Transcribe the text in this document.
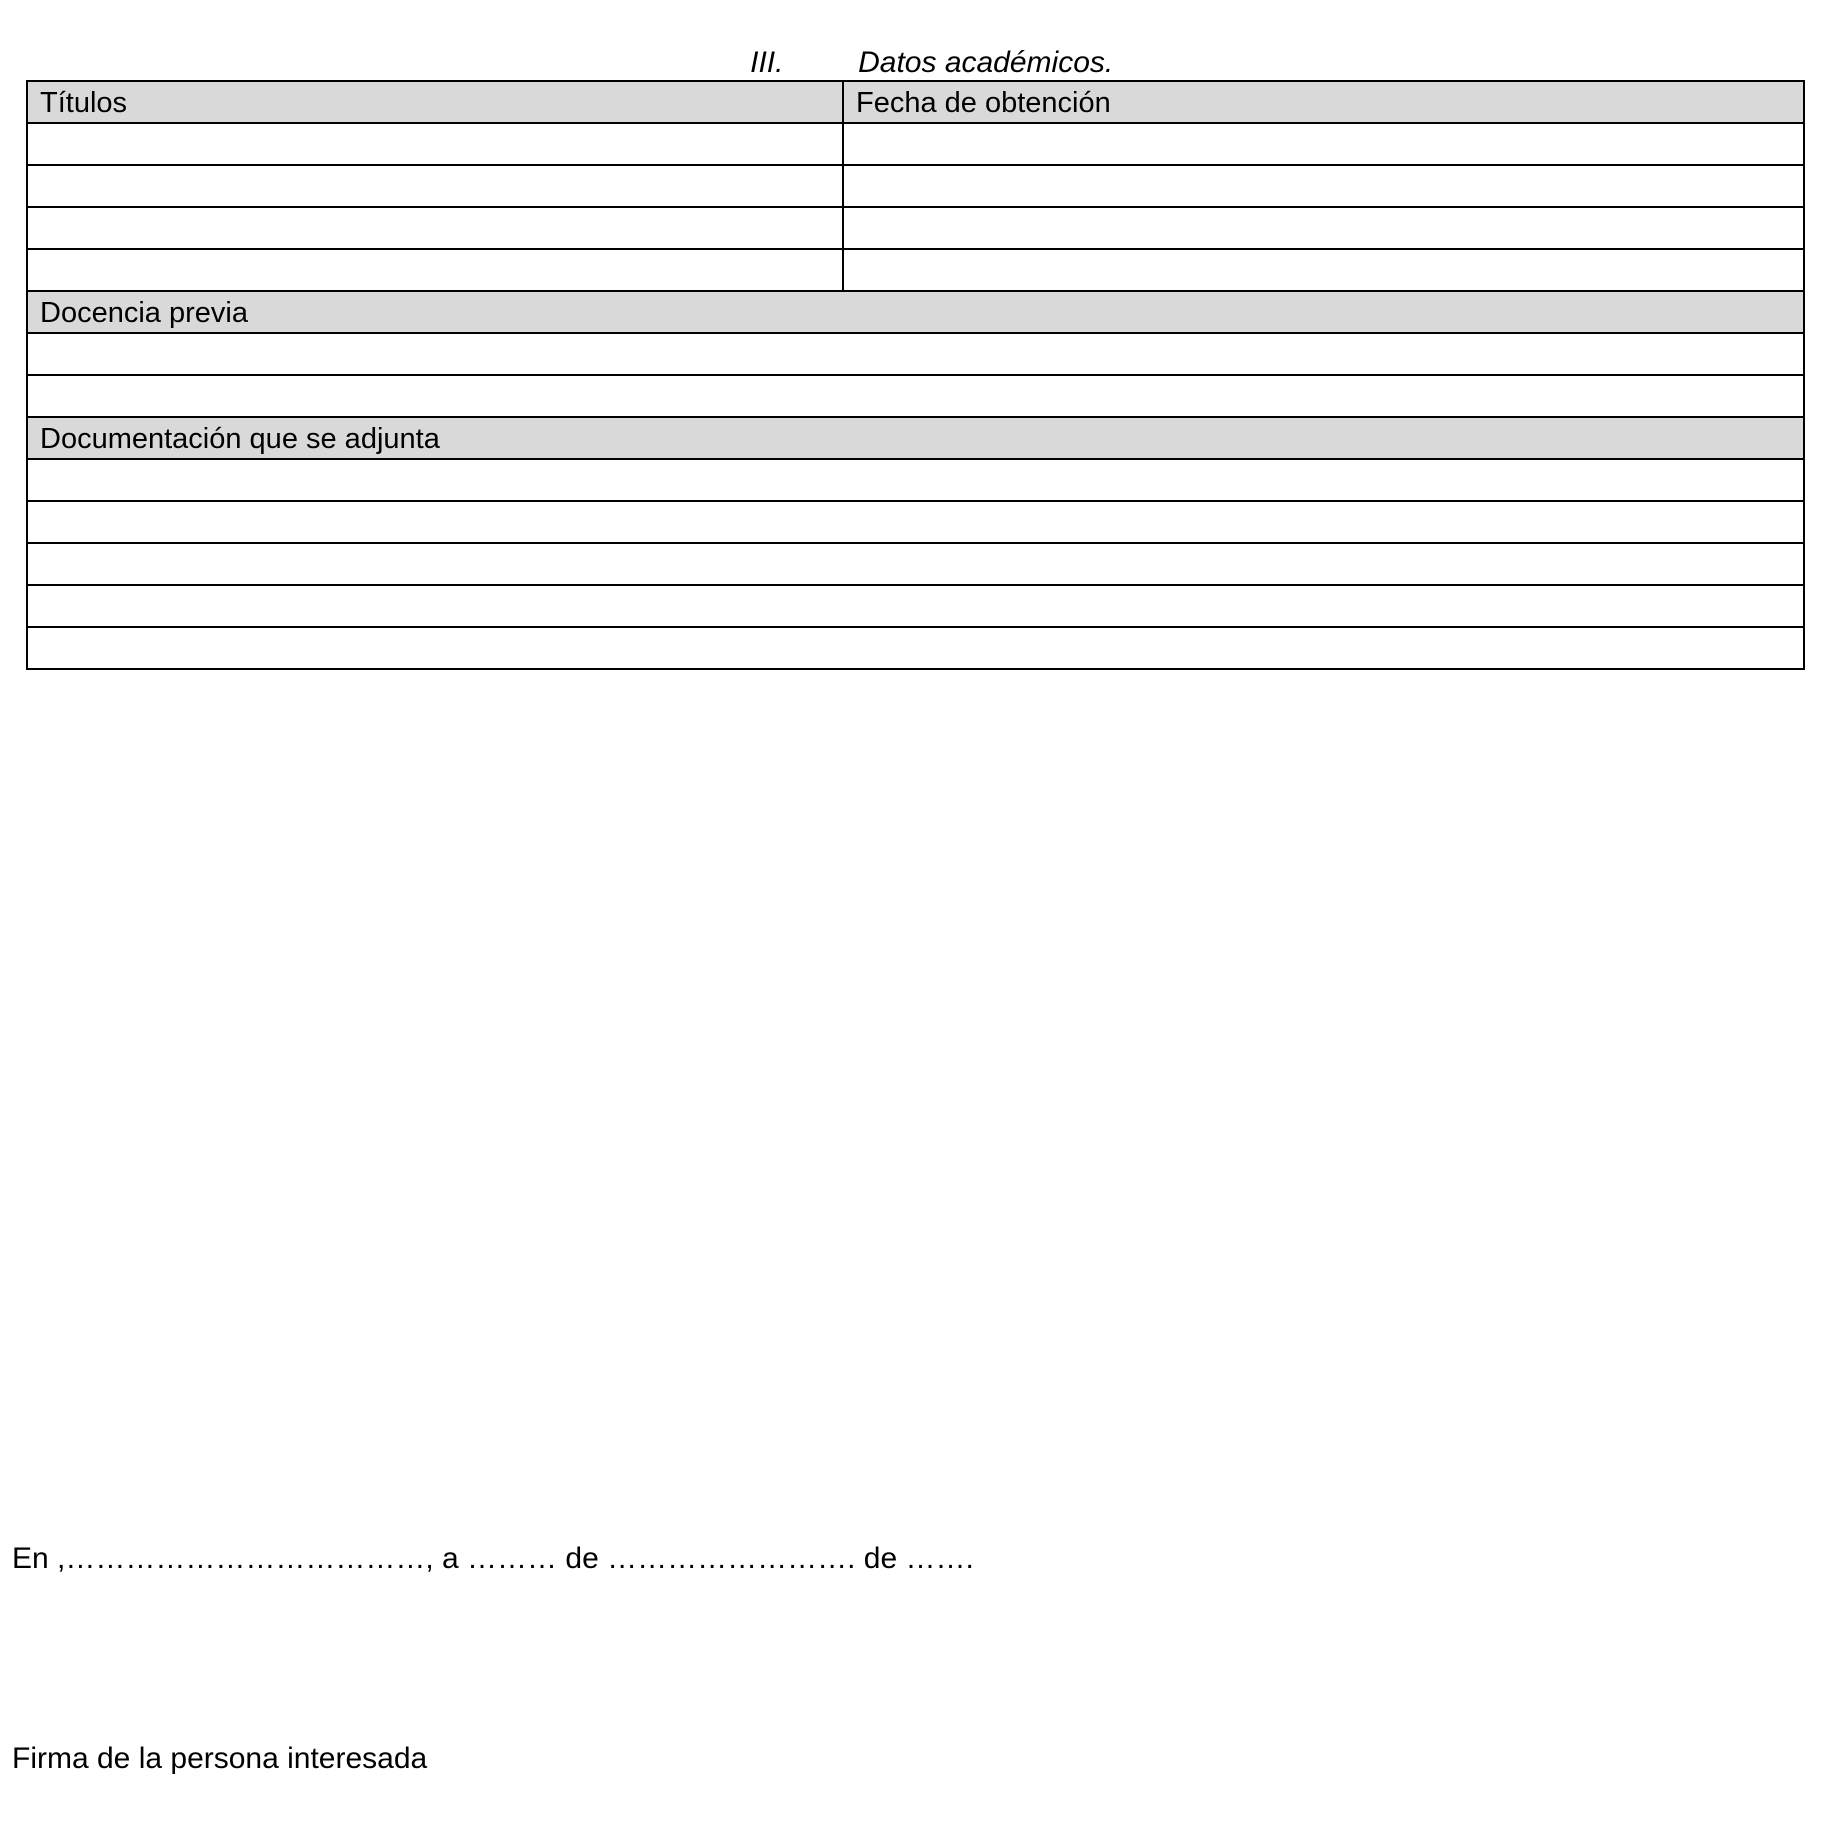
III. Datos académicos.

Títulos	Fecha de obtención

Docencia previa	

Documentación que se adjunta	

En ,………………………………, a ……… de ……………………. de …….
Firma de la persona interesada
